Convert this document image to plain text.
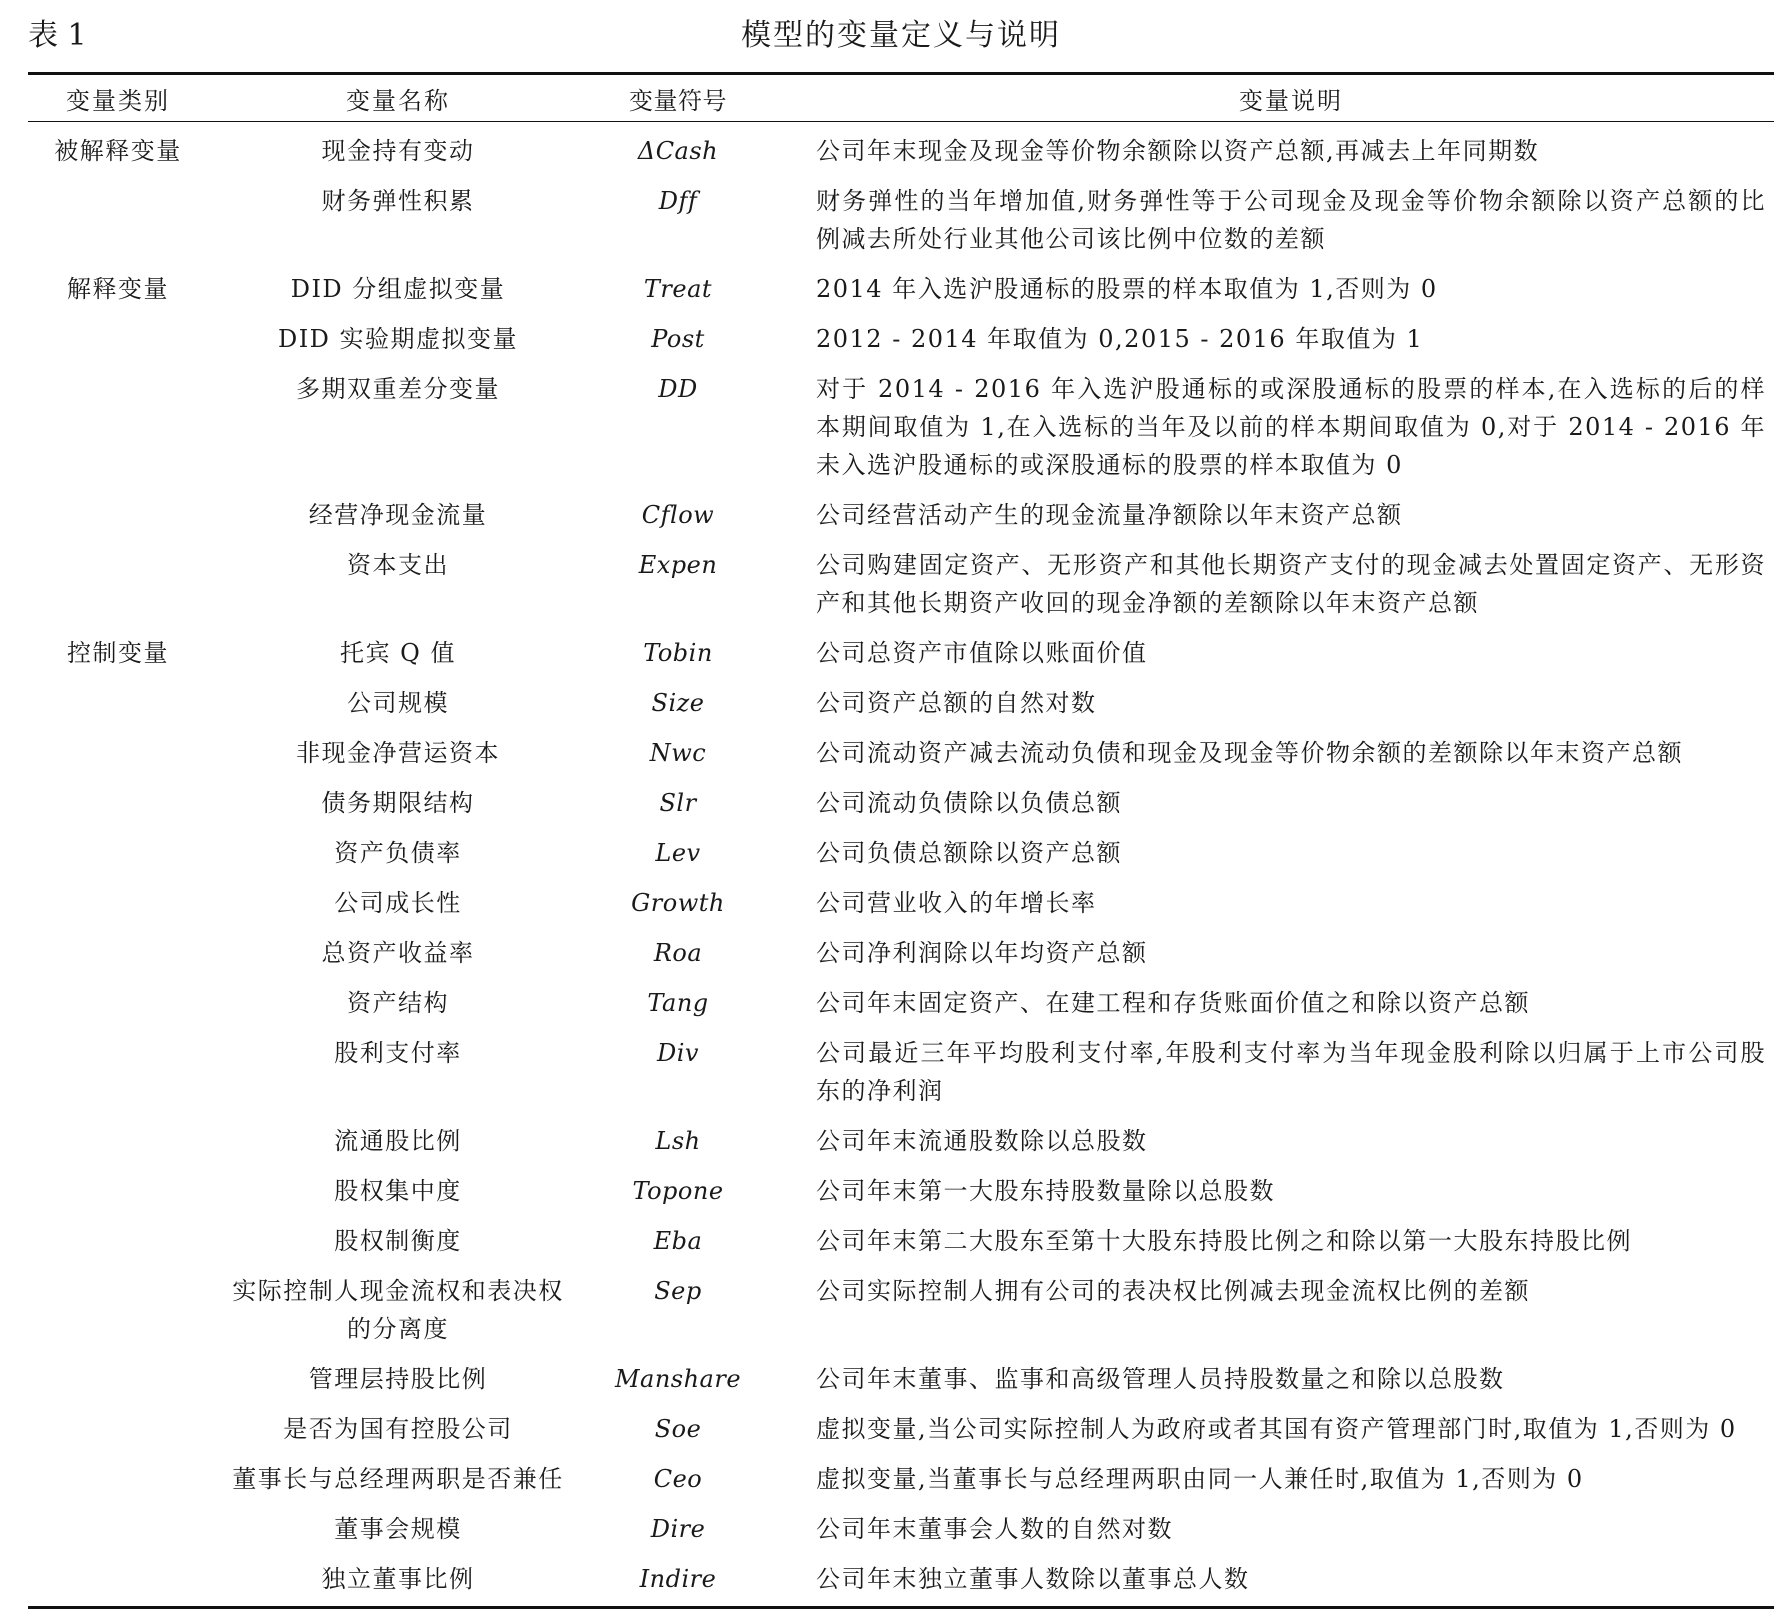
表 1	模型的变量定义与说明
变量类别	变量名称	变量符号	变量说明

被解释变量	现金持有变动	ΔCash	公司年末现金及现金等价物余额除以资产总额,再减去上年同期数
	财务弹性积累	Dff	财务弹性的当年增加值,财务弹性等于公司现金及现金等价物余额除以资产总额的比例减去所处行业其他公司该比例中位数的差额
解释变量	DID 分组虚拟变量	Treat	2014 年入选沪股通标的股票的样本取值为 1,否则为 0
	DID 实验期虚拟变量	Post	2012 - 2014 年取值为 0,2015 - 2016 年取值为 1
	多期双重差分变量	DD	对于 2014 - 2016 年入选沪股通标的或深股通标的股票的样本,在入选标的后的样本期间取值为 1,在入选标的当年及以前的样本期间取值为 0,对于 2014 - 2016 年未入选沪股通标的或深股通标的股票的样本取值为 0
	经营净现金流量	Cflow	公司经营活动产生的现金流量净额除以年末资产总额
	资本支出	Expen	公司购建固定资产、无形资产和其他长期资产支付的现金减去处置固定资产、无形资产和其他长期资产收回的现金净额的差额除以年末资产总额
控制变量	托宾 Q 值	Tobin	公司总资产市值除以账面价值
	公司规模	Size	公司资产总额的自然对数
	非现金净营运资本	Nwc	公司流动资产减去流动负债和现金及现金等价物余额的差额除以年末资产总额
	债务期限结构	Slr	公司流动负债除以负债总额
	资产负债率	Lev	公司负债总额除以资产总额
	公司成长性	Growth	公司营业收入的年增长率
	总资产收益率	Roa	公司净利润除以年均资产总额
	资产结构	Tang	公司年末固定资产、在建工程和存货账面价值之和除以资产总额
	股利支付率	Div	公司最近三年平均股利支付率,年股利支付率为当年现金股利除以归属于上市公司股东的净利润
	流通股比例	Lsh	公司年末流通股数除以总股数
	股权集中度	Topone	公司年末第一大股东持股数量除以总股数
	股权制衡度	Eba	公司年末第二大股东至第十大股东持股比例之和除以第一大股东持股比例
	实际控制人现金流权和表决权的分离度	Sep	公司实际控制人拥有公司的表决权比例减去现金流权比例的差额
	管理层持股比例	Manshare	公司年末董事、监事和高级管理人员持股数量之和除以总股数
	是否为国有控股公司	Soe	虚拟变量,当公司实际控制人为政府或者其国有资产管理部门时,取值为 1,否则为 0
	董事长与总经理两职是否兼任	Ceo	虚拟变量,当董事长与总经理两职由同一人兼任时,取值为 1,否则为 0
	董事会规模	Dire	公司年末董事会人数的自然对数
	独立董事比例	Indire	公司年末独立董事人数除以董事总人数
